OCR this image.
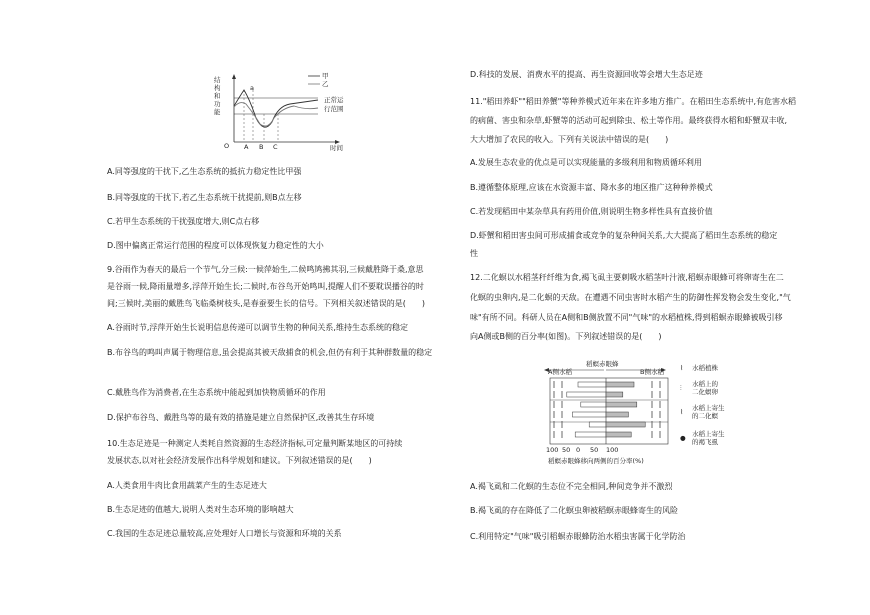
结
构
和
功
能
甲
乙
正常运
行范围
O
a
A B C	时间
A.同等强度的干扰下,乙生态系统的抵抗力稳定性比甲强
B.同等强度的干扰下,若乙生态系统干扰提前,则B点左移
C.若甲生态系统的干扰强度增大,则C点右移
D.图中偏离正常运行范围的程度可以体现恢复力稳定性的大小
9.谷雨作为春天的最后一个节气,分三候:一候萍始生,二候鸣鸠拂其羽,三候戴胜降于桑,意思
是谷雨一候,降雨量增多,浮萍开始生长;二候时,布谷鸟开始鸣叫,提醒人们不要耽误播谷的时
间;三候时,美丽的戴胜鸟飞临桑树枝头,是春蚕要生长的信号。下列相关叙述错误的是(　　)
A.谷雨时节,浮萍开始生长说明信息传递可以调节生物的种间关系,维持生态系统的稳定
B.布谷鸟的鸣叫声属于物理信息,虽会提高其被天敌捕食的机会,但仍有利于其种群数量的稳定
C.戴胜鸟作为消费者,在生态系统中能起到加快物质循环的作用
D.保护布谷鸟、戴胜鸟等的最有效的措施是建立自然保护区,改善其生存环境
10.生态足迹是一种测定人类耗自然资源的生态经济指标,可定量判断某地区的可持续
发展状态,以对社会经济发展作出科学规划和建议。下列叙述错误的是(　　)
A.人类食用牛肉比食用蔬菜产生的生态足迹大
B.生态足迹的值越大,说明人类对生态环境的影响越大
C.我国的生态足迹总量较高,应处理好人口增长与资源和环境的关系
D.科技的发展、消费水平的提高、再生资源回收等会增大生态足迹
11."稻田养虾""稻田养蟹"等种养模式近年来在许多地方推广。在稻田生态系统中,有危害水稻
的病菌、害虫和杂草,虾蟹等的活动可起到除虫、松土等作用。最终获得水稻和虾蟹双丰收,
大大增加了农民的收入。下列有关说法中错误的是(　　)
A.发展生态农业的优点是可以实现能量的多级利用和物质循环利用
B.遵循整体原理,应该在水资源丰富、降水多的地区推广这种种养模式
C.若发现稻田中某杂草具有药用价值,则说明生物多样性具有直接价值
D.虾蟹和稻田害虫间可形成捕食或竞争的复杂种间关系,大大提高了稻田生态系统的稳定
性
12.二化螟以水稻茎秆纤维为食,褐飞虱主要刺吸水稻茎叶汁液,稻螟赤眼蜂可将卵寄生在二
化螟的虫卵内,是二化螟的天敌。在遭遇不同虫害时水稻产生的防御性挥发物会发生变化,"气
味"有所不同。科研人员在A侧和B侧放置不同"气味"的水稻植株,得到稻螟赤眼蜂被吸引移
向A侧或B侧的百分率(如图)。下列叙述错误的是(　　)
稻螟赤眼蜂
A侧水稻	B侧水稻
100 50 0 50 100
稻螟赤眼蜂移向两侧的百分率(%)
⌇ 水稻植株
⫶ 水稻上的
二化螟卵
⌇ 水稻上寄生
的二化螟
● 水稻上寄生
的褐飞虱
A.褐飞虱和二化螟的生态位不完全相同,种间竞争并不激烈
B.褐飞虱的存在降低了二化螟虫卵被稻螟赤眼蜂寄生的风险
C.利用特定"气味"吸引稻螟赤眼蜂防治水稻虫害属于化学防治
